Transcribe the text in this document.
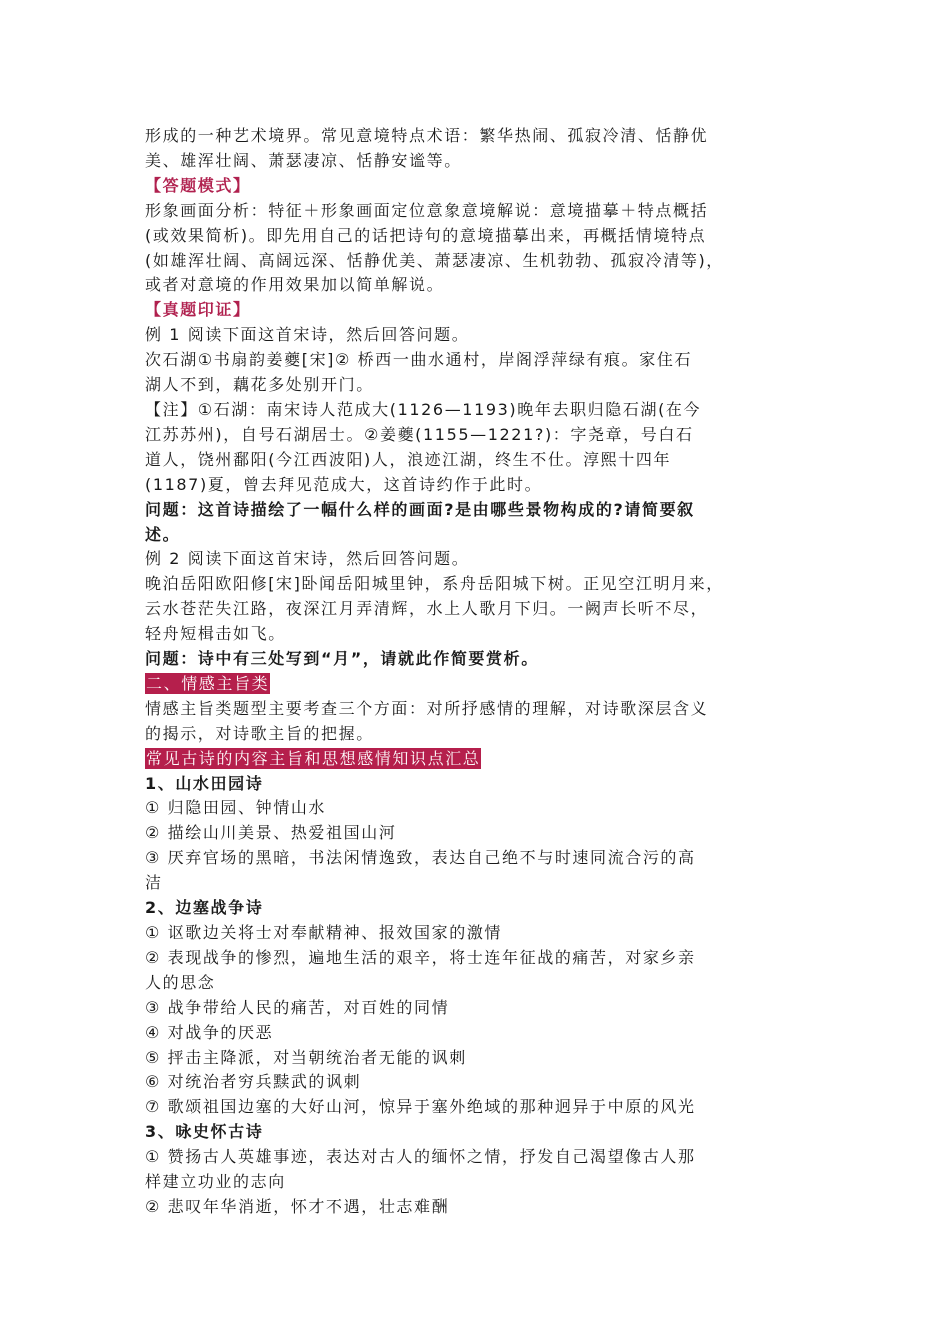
形成的一种艺术境界。常见意境特点术语：繁华热闹、孤寂冷清、恬静优
美、雄浑壮阔、萧瑟凄凉、恬静安谧等。
【答题模式】
形象画面分析：特征＋形象画面定位意象意境解说：意境描摹＋特点概括
(或效果简析)。即先用自己的话把诗句的意境描摹出来，再概括情境特点
(如雄浑壮阔、高阔远深、恬静优美、萧瑟凄凉、生机勃勃、孤寂冷清等)，
或者对意境的作用效果加以简单解说。
【真题印证】
例 1 阅读下面这首宋诗，然后回答问题。
次石湖①书扇韵姜夔[宋]② 桥西一曲水通村，岸阁浮萍绿有痕。家住石
湖人不到，藕花多处别开门。
【注】①石湖：南宋诗人范成大(1126—1193)晚年去职归隐石湖(在今
江苏苏州)，自号石湖居士。②姜夔(1155—1221?)：字尧章，号白石
道人，饶州鄱阳(今江西波阳)人，浪迹江湖，终生不仕。淳熙十四年
(1187)夏，曾去拜见范成大，这首诗约作于此时。
问题：这首诗描绘了一幅什么样的画面?是由哪些景物构成的?请简要叙
述。
例 2 阅读下面这首宋诗，然后回答问题。
晚泊岳阳欧阳修[宋]卧闻岳阳城里钟，系舟岳阳城下树。正见空江明月来，
云水苍茫失江路，夜深江月弄清辉，水上人歌月下归。一阙声长听不尽，
轻舟短楫击如飞。
问题：诗中有三处写到“月”，请就此作简要赏析。
二、情感主旨类
情感主旨类题型主要考查三个方面：对所抒感情的理解，对诗歌深层含义
的揭示，对诗歌主旨的把握。
常见古诗的内容主旨和思想感情知识点汇总
1、山水田园诗
① 归隐田园、钟情山水
② 描绘山川美景、热爱祖国山河
③ 厌弃官场的黑暗，书法闲情逸致，表达自己绝不与时速同流合污的高
洁
2、边塞战争诗
① 讴歌边关将士对奉献精神、报效国家的激情
② 表现战争的惨烈，遍地生活的艰辛，将士连年征战的痛苦，对家乡亲
人的思念
③ 战争带给人民的痛苦，对百姓的同情
④ 对战争的厌恶
⑤ 抨击主降派，对当朝统治者无能的讽刺
⑥ 对统治者穷兵黩武的讽刺
⑦ 歌颂祖国边塞的大好山河，惊异于塞外绝域的那种迥异于中原的风光
3、咏史怀古诗
① 赞扬古人英雄事迹，表达对古人的缅怀之情，抒发自己渴望像古人那
样建立功业的志向
② 悲叹年华消逝，怀才不遇，壮志难酬
